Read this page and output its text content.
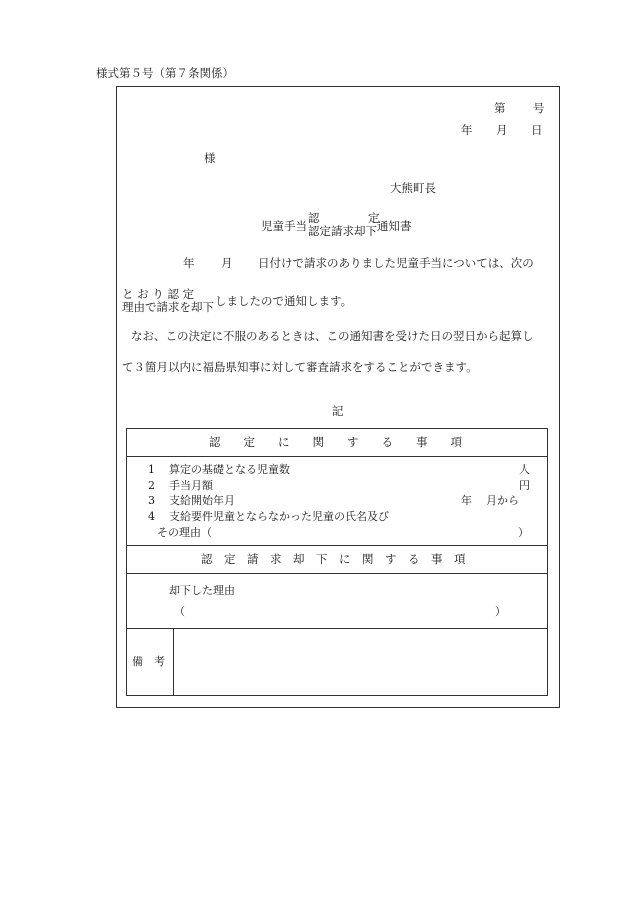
様式第５号（第７条関係）
第 号
年 月 日
様
大熊町長
児童手当
認
認定請求却下
定
通知書
年 月 日付けで請求のありました児童手当については、次の
と お り 認 定
理由で請求を却下 しましたので通知します。
なお、この決定に不服のあるときは、この通知書を受けた日の翌日から起算し
て３箇月以内に福島県知事に対して審査請求をすることができます。
記
認　　定　　に　　関　　す　　る　　事　　項
1 算定の基礎となる児童数	人
2 手当月額	円
3 支給開始年月	年 月から
4 支給要件児童とならなかった児童の氏名及び
その理由（	）
認　定　請　求　却　下　に　関　す　る　事　項
却下した理由
（	）
備　考
